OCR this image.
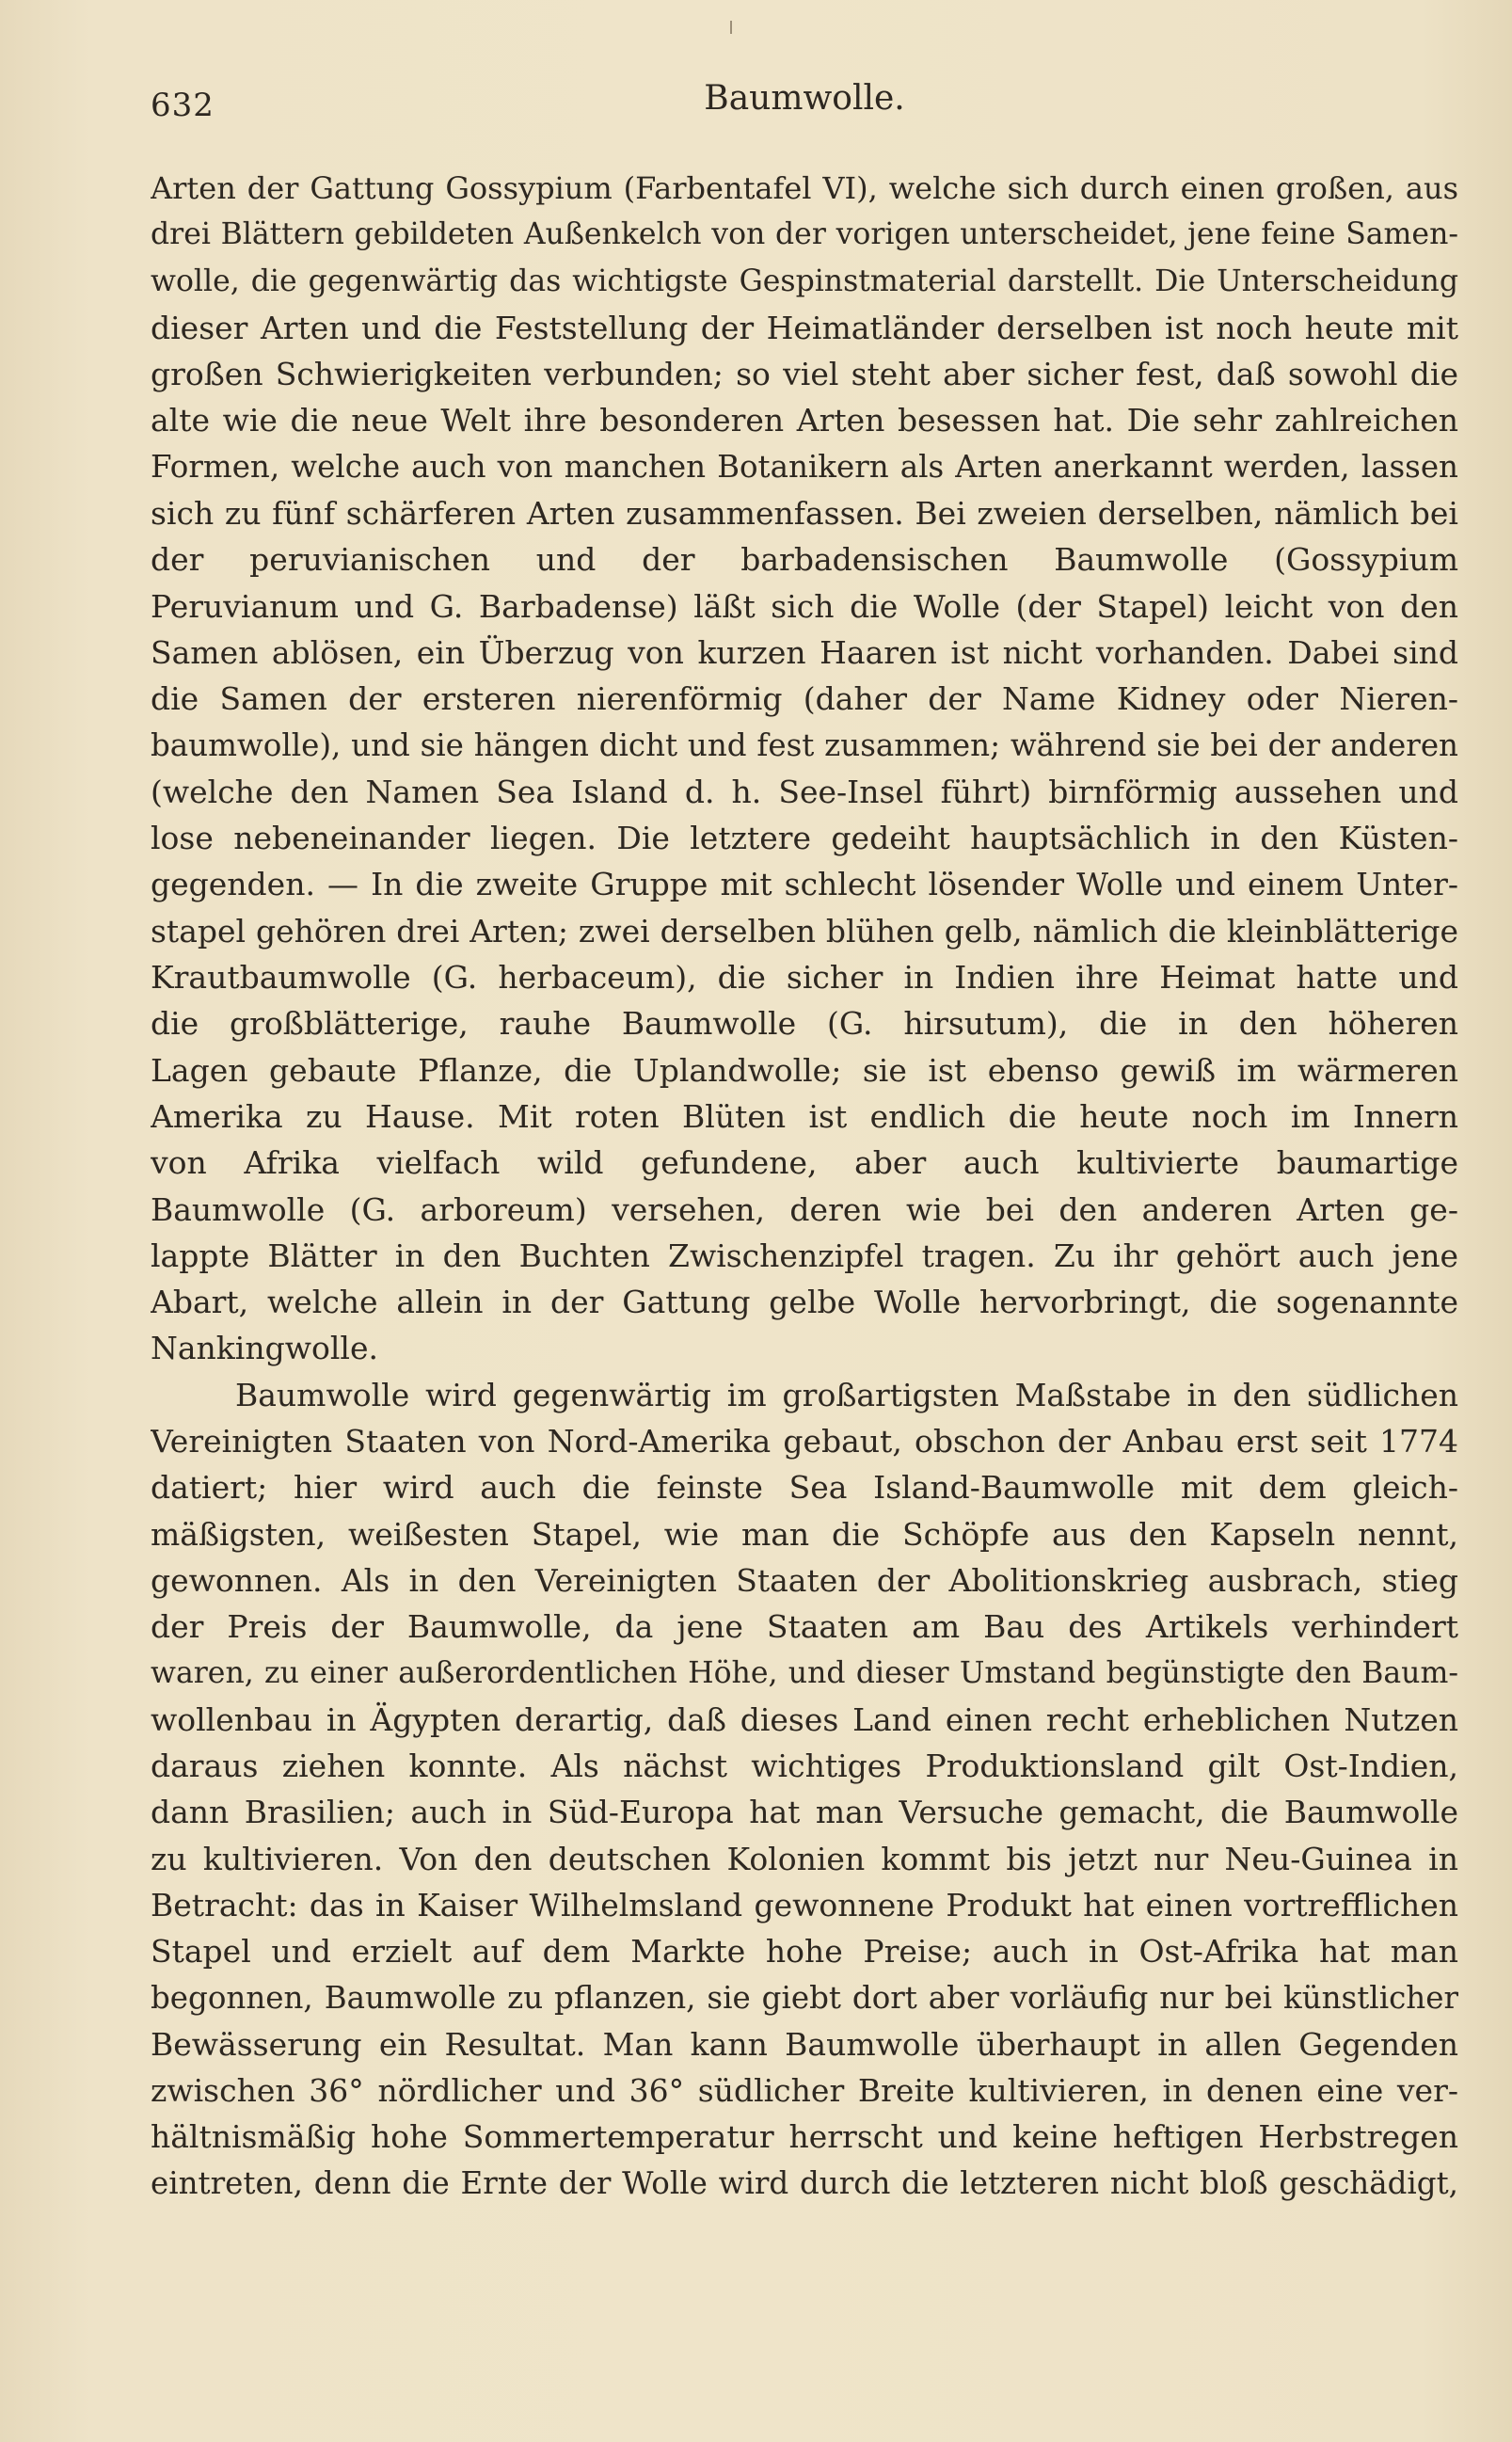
632	Baumwolle.
Arten der Gattung Gossypium (Farbentafel VI), welche sich durch einen großen, aus
drei Blättern gebildeten Außenkelch von der vorigen unterscheidet, jene feine Samen-
wolle, die gegenwärtig das wichtigste Gespinstmaterial darstellt. Die Unterscheidung
dieser Arten und die Feststellung der Heimatländer derselben ist noch heute mit
großen Schwierigkeiten verbunden; so viel steht aber sicher fest, daß sowohl die
alte wie die neue Welt ihre besonderen Arten besessen hat. Die sehr zahlreichen
Formen, welche auch von manchen Botanikern als Arten anerkannt werden, lassen
sich zu fünf schärferen Arten zusammenfassen. Bei zweien derselben, nämlich bei
der peruvianischen und der barbadensischen Baumwolle (Gossypium
Peruvianum und G. Barbadense) läßt sich die Wolle (der Stapel) leicht von den
Samen ablösen, ein Überzug von kurzen Haaren ist nicht vorhanden. Dabei sind
die Samen der ersteren nierenförmig (daher der Name Kidney oder Nieren-
baumwolle), und sie hängen dicht und fest zusammen; während sie bei der anderen
(welche den Namen Sea Island d. h. See-Insel führt) birnförmig aussehen und
lose nebeneinander liegen. Die letztere gedeiht hauptsächlich in den Küsten-
gegenden. — In die zweite Gruppe mit schlecht lösender Wolle und einem Unter-
stapel gehören drei Arten; zwei derselben blühen gelb, nämlich die kleinblätterige
Krautbaumwolle (G. herbaceum), die sicher in Indien ihre Heimat hatte und
die großblätterige, rauhe Baumwolle (G. hirsutum), die in den höheren
Lagen gebaute Pflanze, die Uplandwolle; sie ist ebenso gewiß im wärmeren
Amerika zu Hause. Mit roten Blüten ist endlich die heute noch im Innern
von Afrika vielfach wild gefundene, aber auch kultivierte baumartige
Baumwolle (G. arboreum) versehen, deren wie bei den anderen Arten ge-
lappte Blätter in den Buchten Zwischenzipfel tragen. Zu ihr gehört auch jene
Abart, welche allein in der Gattung gelbe Wolle hervorbringt, die sogenannte
Nankingwolle.
Baumwolle wird gegenwärtig im großartigsten Maßstabe in den südlichen
Vereinigten Staaten von Nord-Amerika gebaut, obschon der Anbau erst seit 1774
datiert; hier wird auch die feinste Sea Island-Baumwolle mit dem gleich-
mäßigsten, weißesten Stapel, wie man die Schöpfe aus den Kapseln nennt,
gewonnen. Als in den Vereinigten Staaten der Abolitionskrieg ausbrach, stieg
der Preis der Baumwolle, da jene Staaten am Bau des Artikels verhindert
waren, zu einer außerordentlichen Höhe, und dieser Umstand begünstigte den Baum-
wollenbau in Ägypten derartig, daß dieses Land einen recht erheblichen Nutzen
daraus ziehen konnte. Als nächst wichtiges Produktionsland gilt Ost-Indien,
dann Brasilien; auch in Süd-Europa hat man Versuche gemacht, die Baumwolle
zu kultivieren. Von den deutschen Kolonien kommt bis jetzt nur Neu-Guinea in
Betracht: das in Kaiser Wilhelmsland gewonnene Produkt hat einen vortrefflichen
Stapel und erzielt auf dem Markte hohe Preise; auch in Ost-Afrika hat man
begonnen, Baumwolle zu pflanzen, sie giebt dort aber vorläufig nur bei künstlicher
Bewässerung ein Resultat. Man kann Baumwolle überhaupt in allen Gegenden
zwischen 36° nördlicher und 36° südlicher Breite kultivieren, in denen eine ver-
hältnismäßig hohe Sommertemperatur herrscht und keine heftigen Herbstregen
eintreten, denn die Ernte der Wolle wird durch die letzteren nicht bloß geschädigt,
